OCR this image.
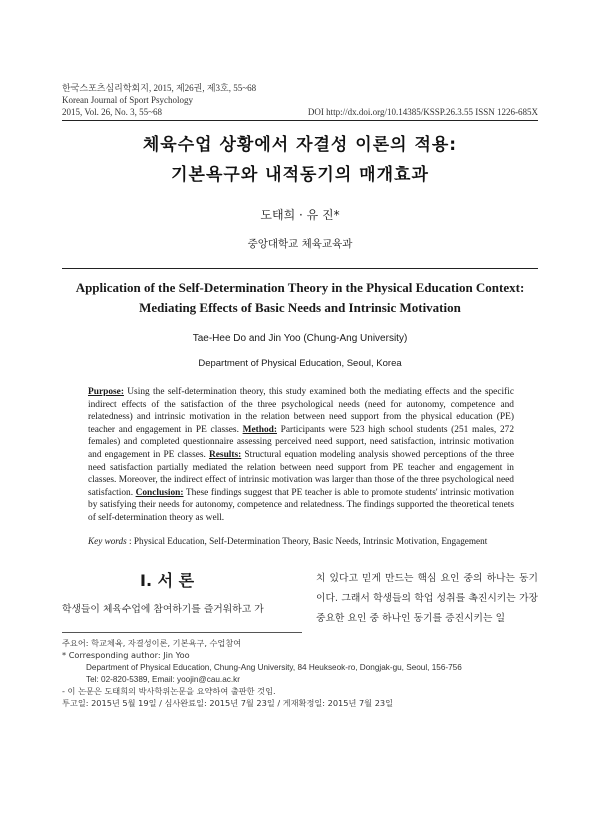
한국스포츠심리학회지, 2015, 제26권, 제3호, 55~68
Korean Journal of Sport Psychology
2015, Vol. 26, No. 3, 55~68	DOI http://dx.doi.org/10.14385/KSSP.26.3.55 ISSN 1226-685X
체육수업 상황에서 자결성 이론의 적용:
기본욕구와 내적동기의 매개효과
도태희 · 유 진*
중앙대학교 체육교육과
Application of the Self-Determination Theory in the Physical Education Context:
Mediating Effects of Basic Needs and Intrinsic Motivation
Tae-Hee Do and Jin Yoo (Chung-Ang University)
Department of Physical Education, Seoul, Korea
Purpose: Using the self-determination theory, this study examined both the mediating effects and the specific indirect effects of the satisfaction of the three psychological needs (need for autonomy, competence and relatedness) and intrinsic motivation in the relation between need support from the physical education (PE) teacher and engagement in PE classes. Method: Participants were 523 high school students (251 males, 272 females) and completed questionnaire assessing perceived need support, need satisfaction, intrinsic motivation and engagement in PE classes. Results: Structural equation modeling analysis showed perceptions of the three need satisfaction partially mediated the relation between need support from PE teacher and engagement in classes. Moreover, the indirect effect of intrinsic motivation was larger than those of the three psychological need satisfaction. Conclusion: These findings suggest that PE teacher is able to promote students' intrinsic motivation by satisfying their needs for autonomy, competence and relatedness. The findings supported the theoretical tenets of self-determination theory as well.
Key words : Physical Education, Self-Determination Theory, Basic Needs, Intrinsic Motivation, Engagement
I. 서 론
학생들이 체육수업에 참여하기를 즐거워하고 가
치 있다고 믿게 만드는 핵심 요인 중의 하나는 동기이다. 그래서 학생들의 학업 성취를 촉진시키는 가장 중요한 요인 중 하나인 동기를 증진시키는 일
주요어: 학교체육, 자결성이론, 기본욕구, 수업참여
* Corresponding author: Jin Yoo
Department of Physical Education, Chung-Ang University, 84 Heukseok-ro, Dongjak-gu, Seoul, 156-756
Tel: 02-820-5389, Email: yoojin@cau.ac.kr
- 이 논문은 도태희의 박사학위논문을 요약하여 출판한 것임.
투고일: 2015년 5월 19일 / 심사완료일: 2015년 7월 23일 / 게재확정일: 2015년 7월 23일
